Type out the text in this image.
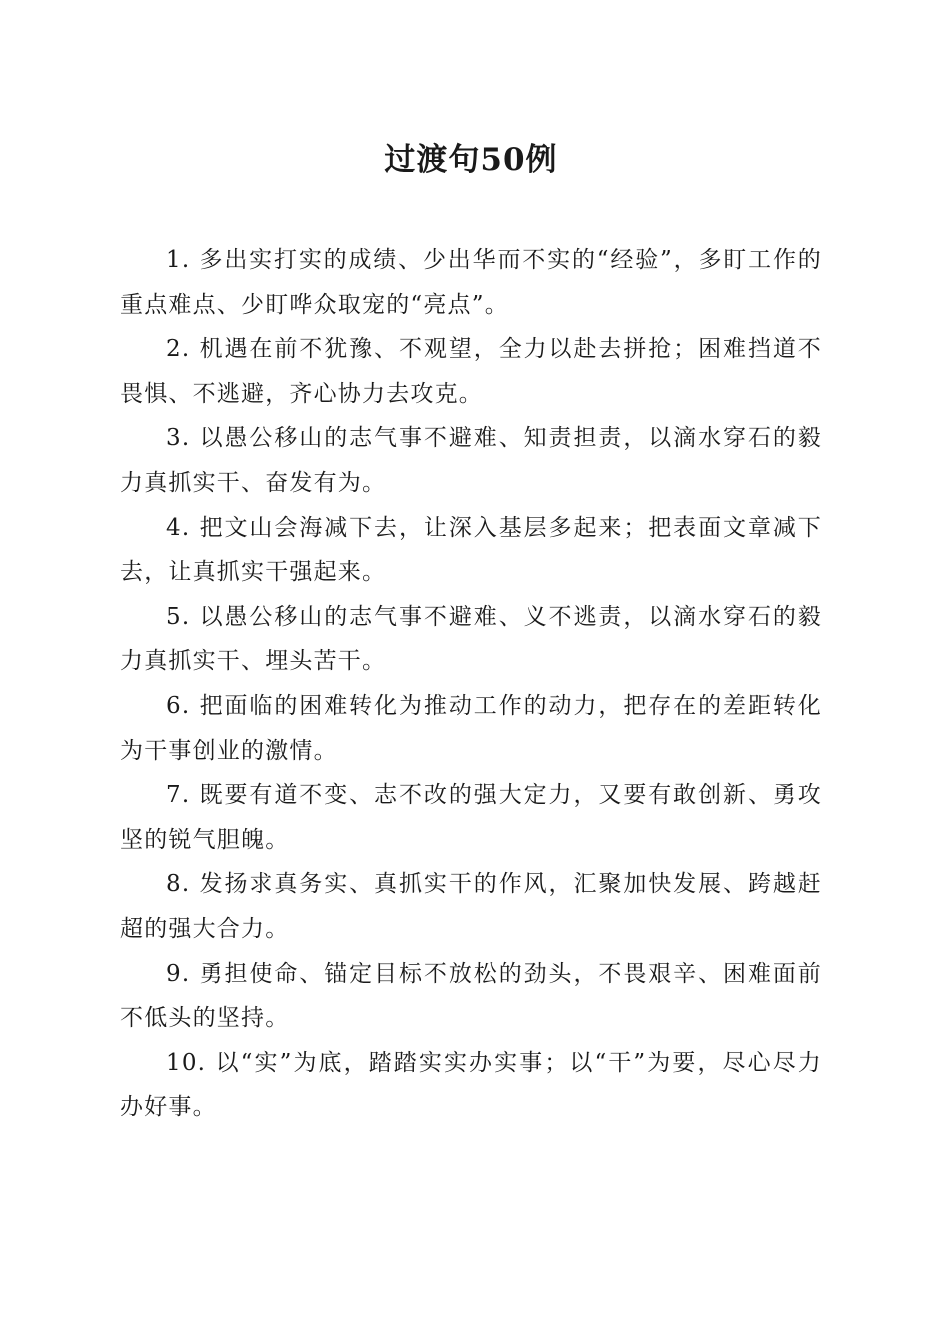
过渡句50例

1. 多出实打实的成绩、少出华而不实的“经验”，多盯工作的重点难点、少盯哗众取宠的“亮点”。

2. 机遇在前不犹豫、不观望，全力以赴去拼抢；困难挡道不畏惧、不逃避，齐心协力去攻克。

3. 以愚公移山的志气事不避难、知责担责，以滴水穿石的毅力真抓实干、奋发有为。

4. 把文山会海减下去，让深入基层多起来；把表面文章减下去，让真抓实干强起来。

5. 以愚公移山的志气事不避难、义不逃责，以滴水穿石的毅力真抓实干、埋头苦干。

6. 把面临的困难转化为推动工作的动力，把存在的差距转化为干事创业的激情。

7. 既要有道不变、志不改的强大定力，又要有敢创新、勇攻坚的锐气胆魄。

8. 发扬求真务实、真抓实干的作风，汇聚加快发展、跨越赶超的强大合力。

9. 勇担使命、锚定目标不放松的劲头，不畏艰辛、困难面前不低头的坚持。

10. 以“实”为底，踏踏实实办实事；以“干”为要，尽心尽力办好事。
